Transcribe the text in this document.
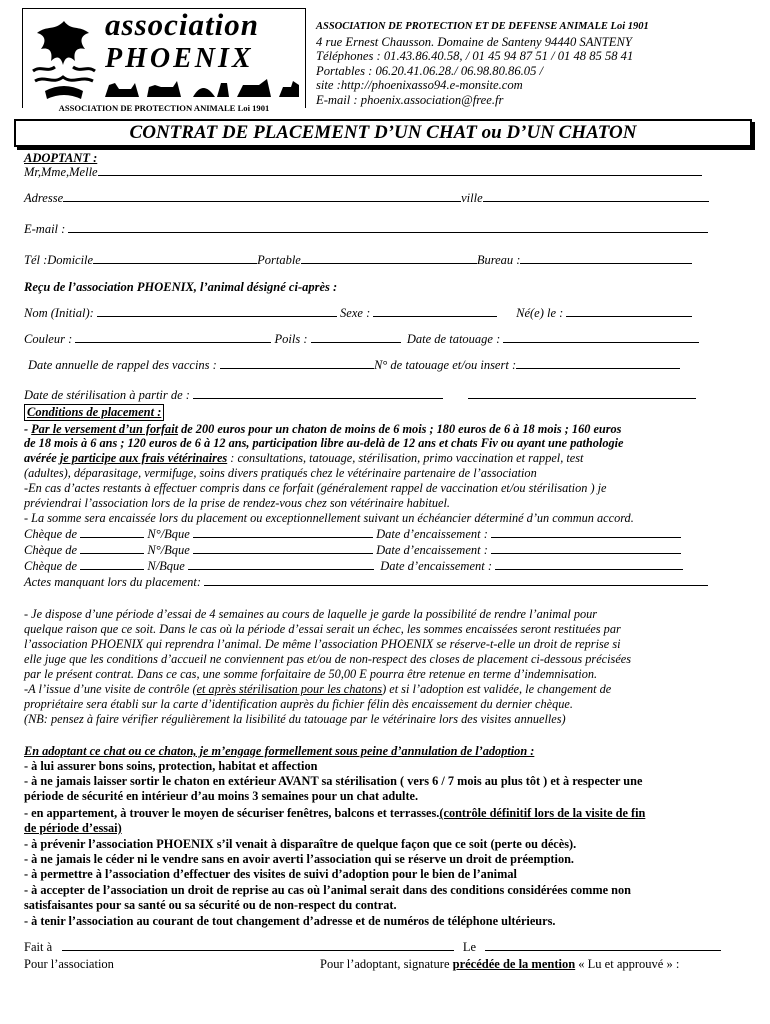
association
PHOENIX
ASSOCIATION DE PROTECTION ANIMALE Loi 1901
ASSOCIATION DE PROTECTION ET DE DEFENSE ANIMALE Loi 1901
4 rue Ernest Chausson. Domaine de Santeny 94440 SANTENY
Téléphones : 01.43.86.40.58, / 01 45 94 87 51 / 01 48 85 58 41
Portables : 06.20.41.06.28./ 06.98.80.86.05 /
site :http://phoenixasso94.e-monsite.com
E-mail : phoenix.association@free.fr
CONTRAT DE PLACEMENT D’UN CHAT ou D’UN CHATON
ADOPTANT :
Mr,Mme,Melle
Adresse	ville
E-mail :
Tél :Domicile	Portable	Bureau :
Reçu de l’association PHOENIX, l’animal désigné ci-après :
Nom (Initial):	Sexe :	Né(e) le :
Couleur :	Poils :	Date de tatouage :
Date annuelle de rappel des vaccins :	N° de tatouage et/ou insert :
Date de stérilisation à partir de :
Conditions de placement :
- Par le versement d’un forfait de 200 euros pour un chaton de moins de 6 mois ; 180 euros de 6 à 18 mois ; 160 euros
de 18 mois à 6 ans ; 120 euros de 6 à 12 ans, participation libre au-delà de 12 ans et chats Fiv ou ayant une pathologie
avérée je participe aux frais vétérinaires : consultations, tatouage, stérilisation, primo vaccination et rappel, test
(adultes), déparasitage, vermifuge, soins divers pratiqués chez le vétérinaire partenaire de l’association
-En cas d’actes restants à effectuer compris dans ce forfait (généralement rappel de vaccination et/ou stérilisation ) je
préviendrai l’association lors de la prise de rendez-vous chez son vétérinaire habituel.
- La somme sera encaissée lors du placement ou exceptionnellement suivant un échéancier déterminé d’un commun accord.
Chèque de	N°/Bque	Date d’encaissement :
Chèque de	N°/Bque	Date d’encaissement :
Chèque de	N/Bque	Date d’encaissement :
Actes manquant lors du placement:
- Je dispose d’une période d’essai de 4 semaines au cours de laquelle je garde la possibilité de rendre l’animal pour
quelque raison que ce soit. Dans le cas où la période d’essai serait un échec, les sommes encaissées seront restituées par
l’association PHOENIX qui reprendra l’animal. De même l’association PHOENIX se réserve-t-elle un droit de reprise si
elle juge que les conditions d’accueil ne conviennent pas et/ou de non-respect des closes de placement ci-dessous précisées
par le présent contrat. Dans ce cas, une somme forfaitaire de 50,00 E pourra être retenue en terme d’indemnisation.
-A l’issue d’une visite de contrôle (et après stérilisation pour les chatons) et si l’adoption est validée, le changement de
propriétaire sera établi sur la carte d’identification auprès du fichier félin dès encaissement du dernier chèque.
(NB: pensez à faire vérifier régulièrement la lisibilité du tatouage par le vétérinaire lors des visites annuelles)
En adoptant ce chat ou ce chaton, je m’engage formellement sous peine d’annulation de l’adoption :
- à lui assurer bons soins, protection, habitat et affection
- à ne jamais laisser sortir le chaton en extérieur AVANT sa stérilisation ( vers 6 / 7 mois au plus tôt ) et à respecter une
période de sécurité en intérieur d’au moins 3 semaines pour un chat adulte.
- en appartement, à trouver le moyen de sécuriser fenêtres, balcons et terrasses.(contrôle définitif lors de la visite de fin
de période d’essai)
- à prévenir l’association PHOENIX s’il venait à disparaître de quelque façon que ce soit (perte ou décès).
- à ne jamais le céder ni le vendre sans en avoir averti l’association qui se réserve un droit de préemption.
- à permettre à l’association d’effectuer des visites de suivi d’adoption pour le bien de l’animal
- à accepter de l’association un droit de reprise au cas où l’animal serait dans des conditions considérées comme non
satisfaisantes pour sa santé ou sa sécurité ou de non-respect du contrat.
- à tenir l’association au courant de tout changement d’adresse et de numéros de téléphone ultérieurs.
Fait à	Le
Pour l’association	Pour l’adoptant, signature précédée de la mention « Lu et approuvé » :
